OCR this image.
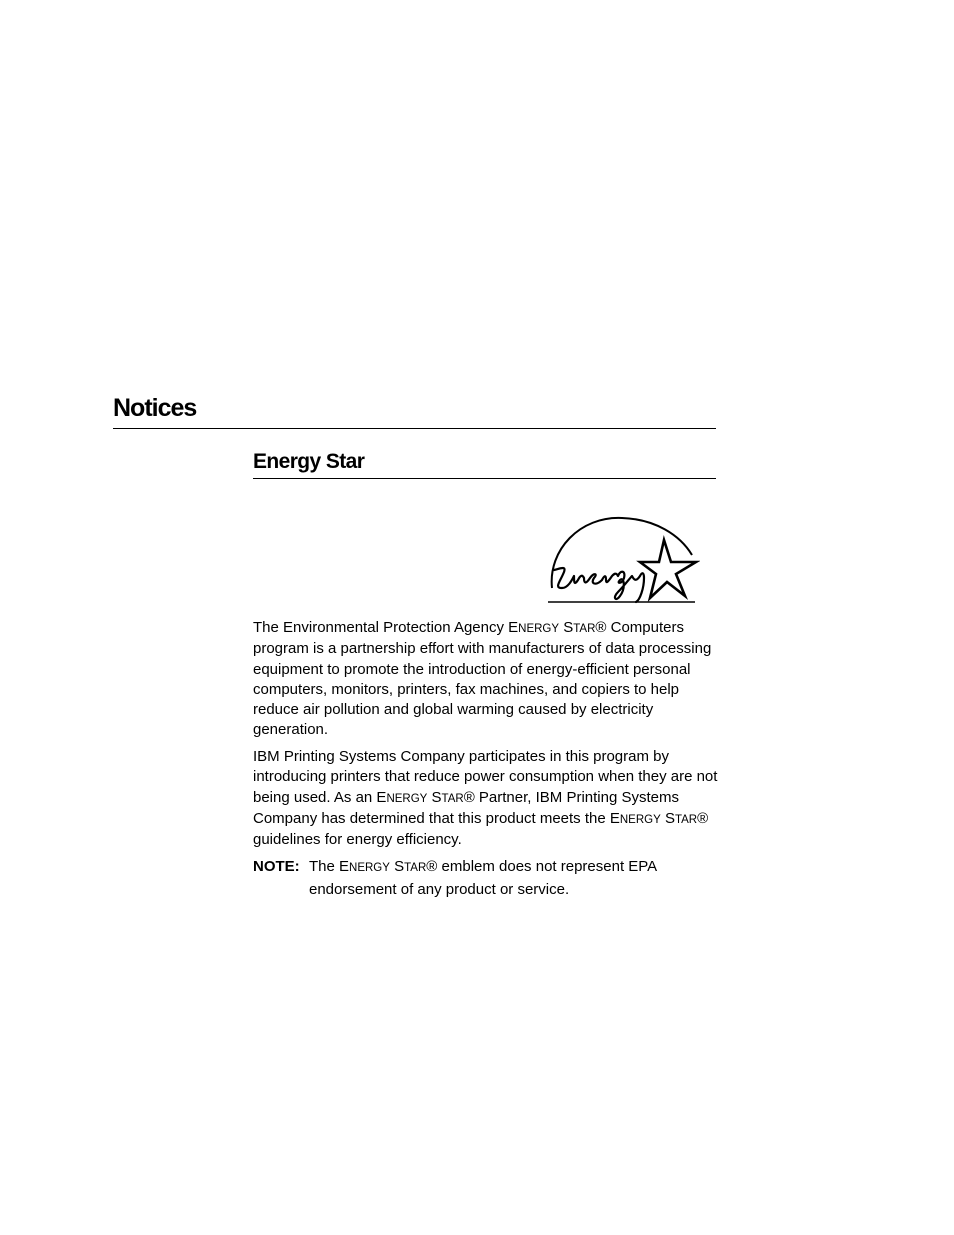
Notices
Energy Star

The Environmental Protection Agency ENERGY STAR® Computers program is a partnership effort with manufacturers of data processing equipment to promote the introduction of energy-efficient personal computers, monitors, printers, fax machines, and copiers to help reduce air pollution and global warming caused by electricity generation.

IBM Printing Systems Company participates in this program by introducing printers that reduce power consumption when they are not being used. As an ENERGY STAR® Partner, IBM Printing Systems Company has determined that this product meets the ENERGY STAR® guidelines for energy efficiency.

NOTE: The ENERGY STAR® emblem does not represent EPA endorsement of any product or service.
